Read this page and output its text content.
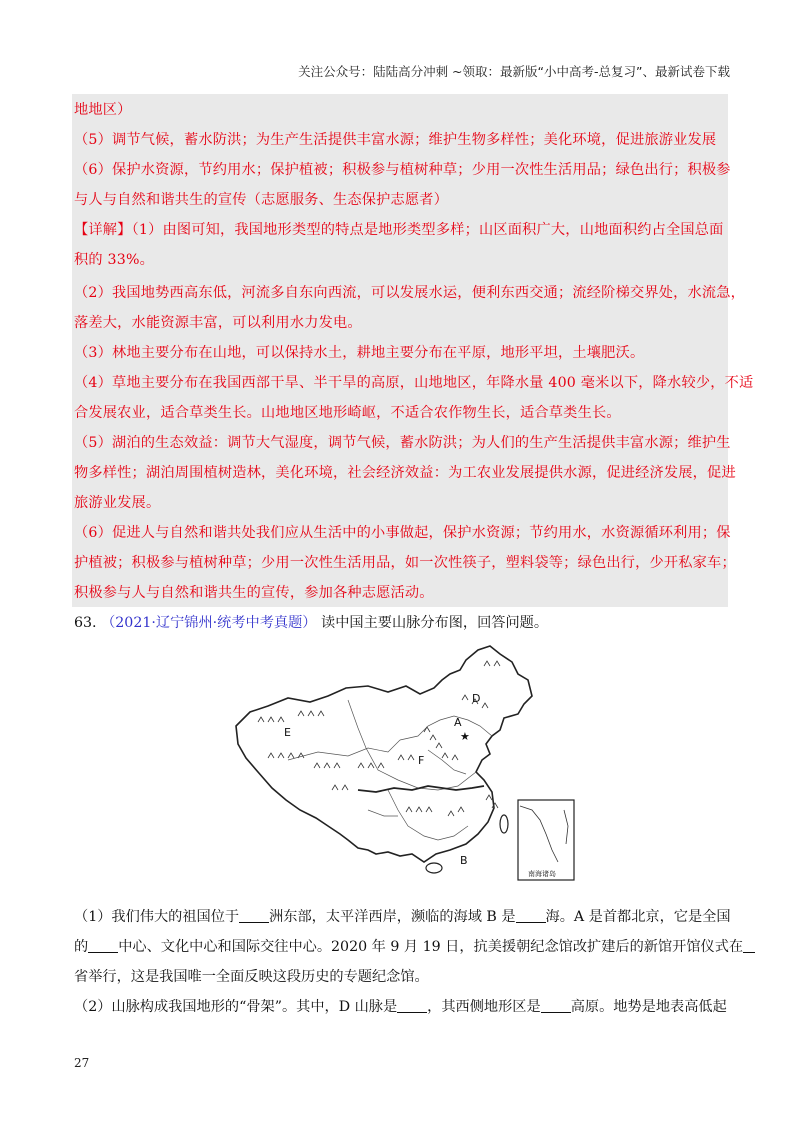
关注公众号：陆陆高分冲刺 ~领取：最新版“小中高考-总复习”、最新试卷下载
地地区）
（5）调节气候，蓄水防洪；为生产生活提供丰富水源；维护生物多样性；美化环境，促进旅游业发展
（6）保护水资源，节约用水；保护植被；积极参与植树种草；少用一次性生活用品；绿色出行；积极参
与人与自然和谐共生的宣传（志愿服务、生态保护志愿者）
【详解】（1）由图可知，我国地形类型的特点是地形类型多样；山区面积广大，山地面积约占全国总面
积的 33%。
（2）我国地势西高东低，河流多自东向西流，可以发展水运，便利东西交通；流经阶梯交界处，水流急，
落差大，水能资源丰富，可以利用水力发电。
（3）林地主要分布在山地，可以保持水土，耕地主要分布在平原，地形平坦，土壤肥沃。
（4）草地主要分布在我国西部干旱、半干旱的高原，山地地区，年降水量 400 毫米以下，降水较少，不适
合发展农业，适合草类生长。山地地区地形崎岖，不适合农作物生长，适合草类生长。
（5）湖泊的生态效益：调节大气湿度，调节气候，蓄水防洪；为人们的生产生活提供丰富水源；维护生
物多样性；湖泊周围植树造林，美化环境，社会经济效益：为工农业发展提供水源，促进经济发展，促进
旅游业发展。
（6）促进人与自然和谐共处我们应从生活中的小事做起，保护水资源；节约用水，水资源循环利用；保
护植被；积极参与植树种草；少用一次性生活用品，如一次性筷子，塑料袋等；绿色出行，少开私家车；
积极参与人与自然和谐共生的宣传，参加各种志愿活动。
63. （2021·辽宁锦州·统考中考真题） 读中国主要山脉分布图，回答问题。
★
A
D
E
F
B
南海诸岛
（1）我们伟大的祖国位于 洲东部，太平洋西岸，濒临的海域 B 是 海。A 是首都北京，它是全国
的 中心、文化中心和国际交往中心。2020 年 9 月 19 日，抗美援朝纪念馆改扩建后的新馆开馆仪式在
省举行，这是我国唯一全面反映这段历史的专题纪念馆。
（2）山脉构成我国地形的“骨架”。其中，D 山脉是 ，其西侧地形区是 高原。地势是地表高低起
27
